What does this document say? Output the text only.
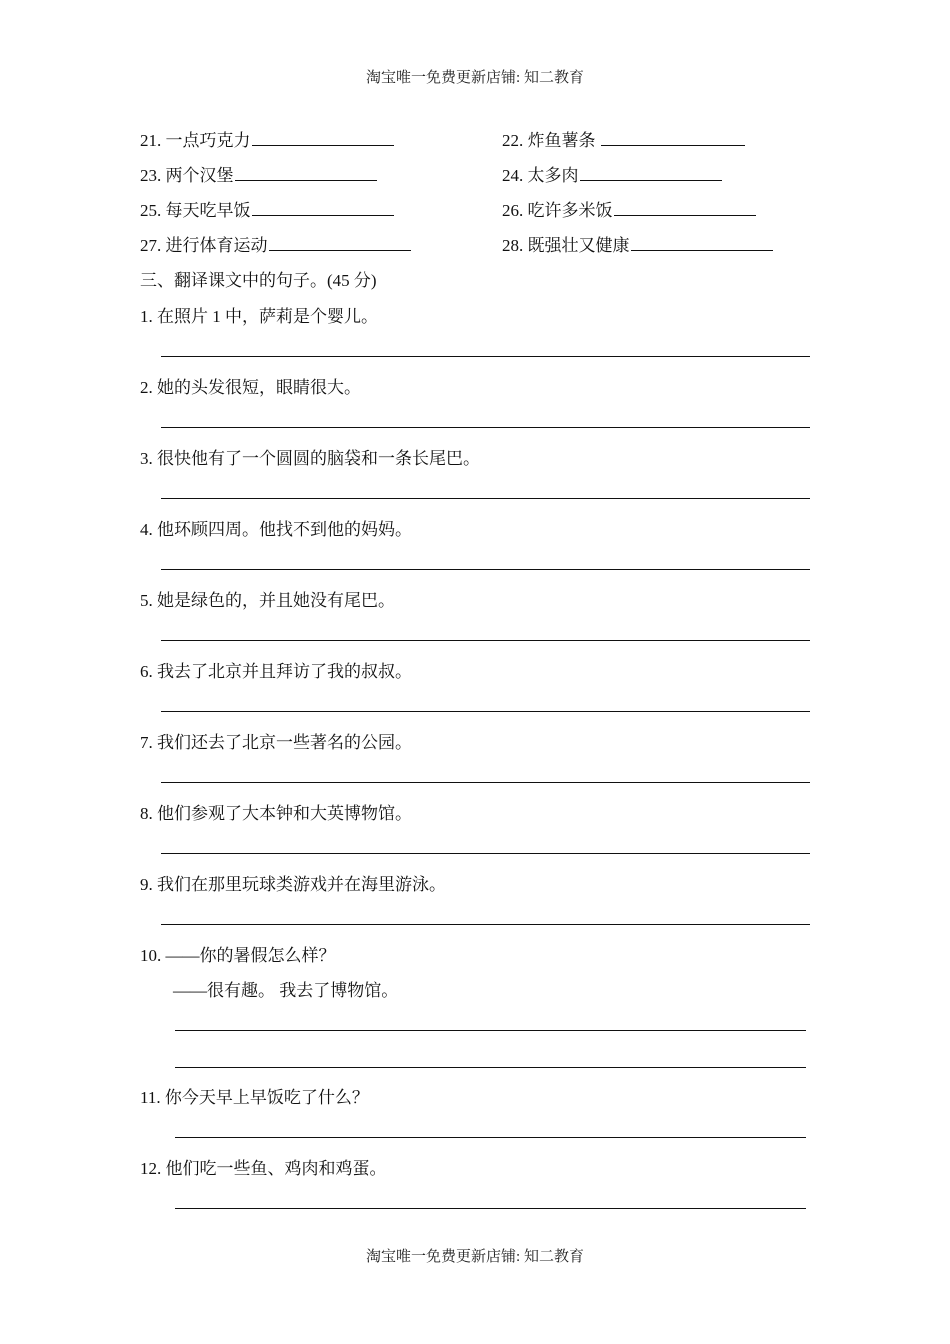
淘宝唯一免费更新店铺: 知二教育
21. 一点巧克力	22. 炸鱼薯条
23. 两个汉堡	24. 太多肉
25. 每天吃早饭	26. 吃许多米饭
27. 进行体育运动	28. 既强壮又健康
三、翻译课文中的句子。(45 分)
1. 在照片 1 中，萨莉是个婴儿。
2. 她的头发很短，眼睛很大。
3. 很快他有了一个圆圆的脑袋和一条长尾巴。
4. 他环顾四周。他找不到他的妈妈。
5. 她是绿色的，并且她没有尾巴。
6. 我去了北京并且拜访了我的叔叔。
7. 我们还去了北京一些著名的公园。
8. 他们参观了大本钟和大英博物馆。
9. 我们在那里玩球类游戏并在海里游泳。
10. ——你的暑假怎么样？
——很有趣。 我去了博物馆。
11. 你今天早上早饭吃了什么？
12. 他们吃一些鱼、鸡肉和鸡蛋。
淘宝唯一免费更新店铺: 知二教育
